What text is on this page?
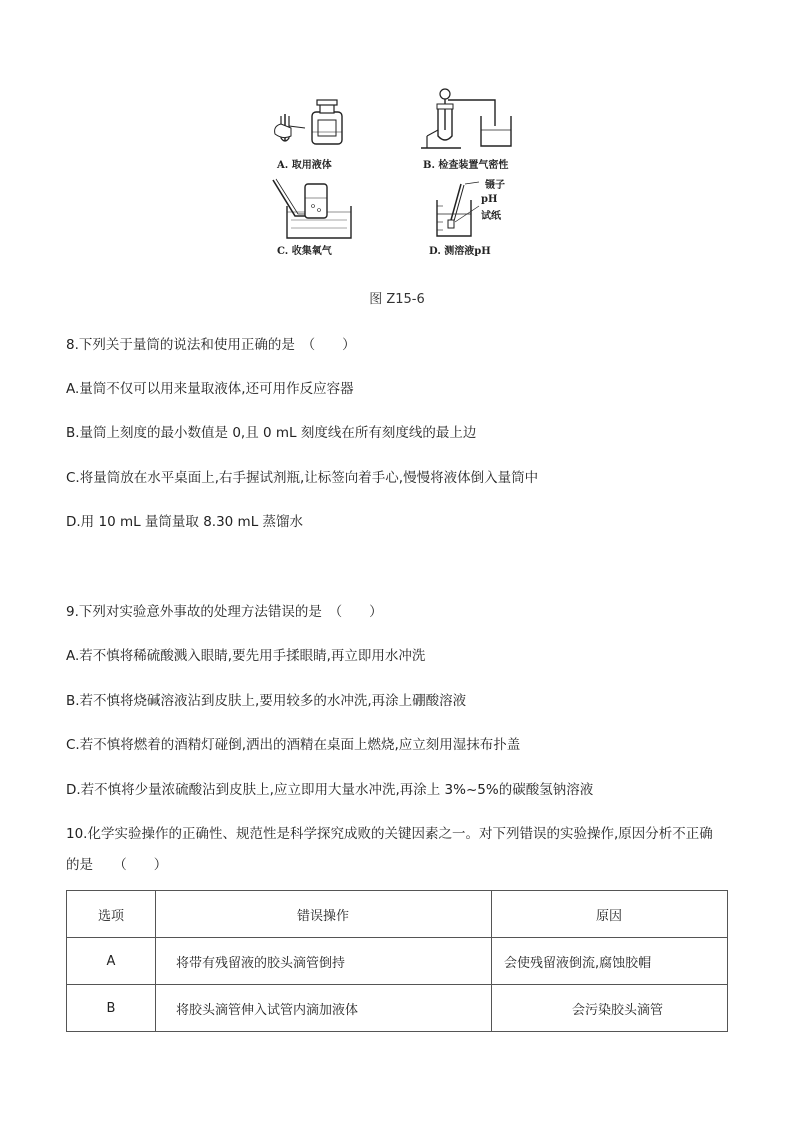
A. 取用液体	B. 检查装置气密性
C. 收集氧气
镊子
pH
试纸
D. 测溶液pH
图 Z15-6
8.下列关于量筒的说法和使用正确的是　（　　）
A.量筒不仅可以用来量取液体,还可用作反应容器
B.量筒上刻度的最小数值是 0,且 0 mL 刻度线在所有刻度线的最上边
C.将量筒放在水平桌面上,右手握试剂瓶,让标签向着手心,慢慢将液体倒入量筒中
D.用 10 mL 量筒量取 8.30 mL 蒸馏水
9.下列对实验意外事故的处理方法错误的是　（　　）
A.若不慎将稀硫酸溅入眼睛,要先用手揉眼睛,再立即用水冲洗
B.若不慎将烧碱溶液沾到皮肤上,要用较多的水冲洗,再涂上硼酸溶液
C.若不慎将燃着的酒精灯碰倒,洒出的酒精在桌面上燃烧,应立刻用湿抹布扑盖
D.若不慎将少量浓硫酸沾到皮肤上,应立即用大量水冲洗,再涂上 3%~5%的碳酸氢钠溶液
10.化学实验操作的正确性、规范性是科学探究成败的关键因素之一。对下列错误的实验操作,原因分析不正确
的是　　（　　）
选项	错误操作	原因
A	将带有残留液的胶头滴管倒持	会使残留液倒流,腐蚀胶帽
B	将胶头滴管伸入试管内滴加液体	会污染胶头滴管
